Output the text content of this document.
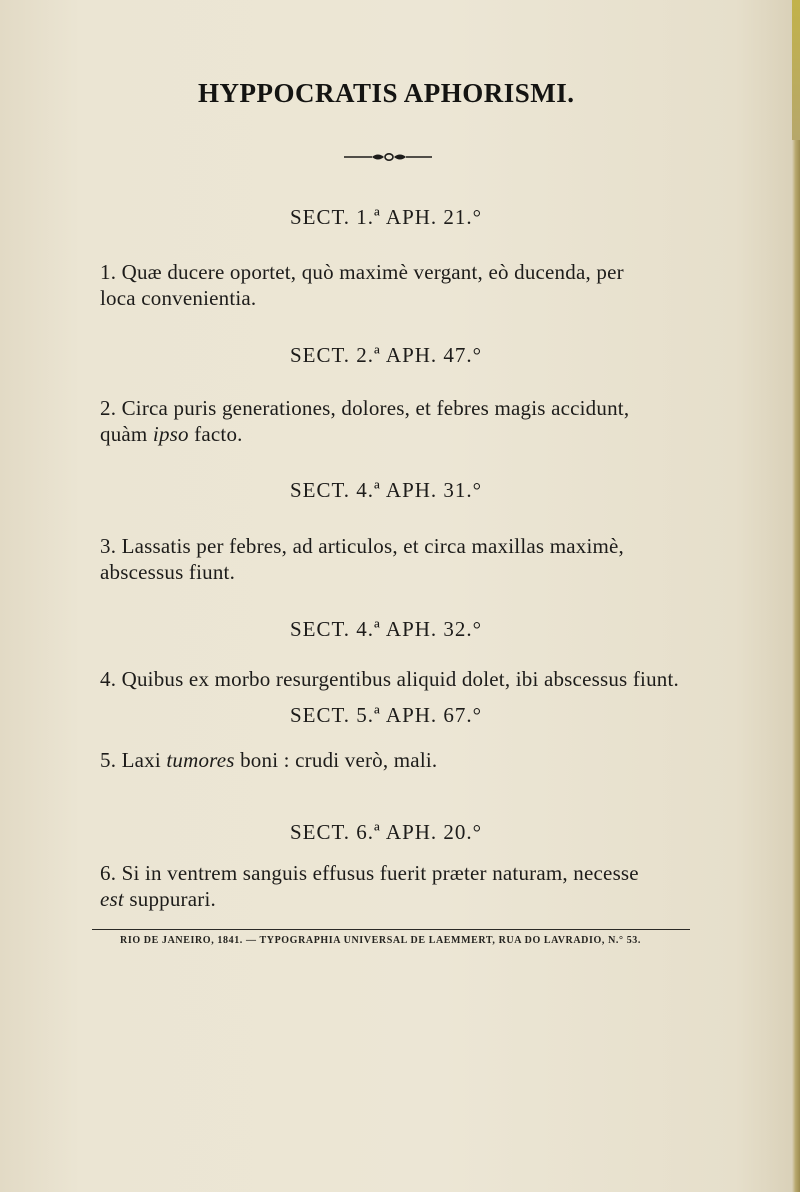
HYPPOCRATIS APHORISMI.
SECT. 1.ª APH. 21.°
1. Quæ ducere oportet, quò maximè vergant, eò ducenda, per
loca convenientia.
SECT. 2.ª APH. 47.°
2. Circa puris generationes, dolores, et febres magis accidunt,
quàm ipso facto.
SECT. 4.ª APH. 31.°
3. Lassatis per febres, ad articulos, et circa maxillas maximè,
abscessus fiunt.
SECT. 4.ª APH. 32.°
4. Quibus ex morbo resurgentibus aliquid dolet, ibi abscessus fiunt.
SECT. 5.ª APH. 67.°
5. Laxi tumores boni : crudi verò, mali.
SECT. 6.ª APH. 20.°
6. Si in ventrem sanguis effusus fuerit præter naturam, necesse
est suppurari.
RIO DE JANEIRO, 1841. — TYPOGRAPHIA UNIVERSAL DE LAEMMERT, RUA DO LAVRADIO, N.° 53.
